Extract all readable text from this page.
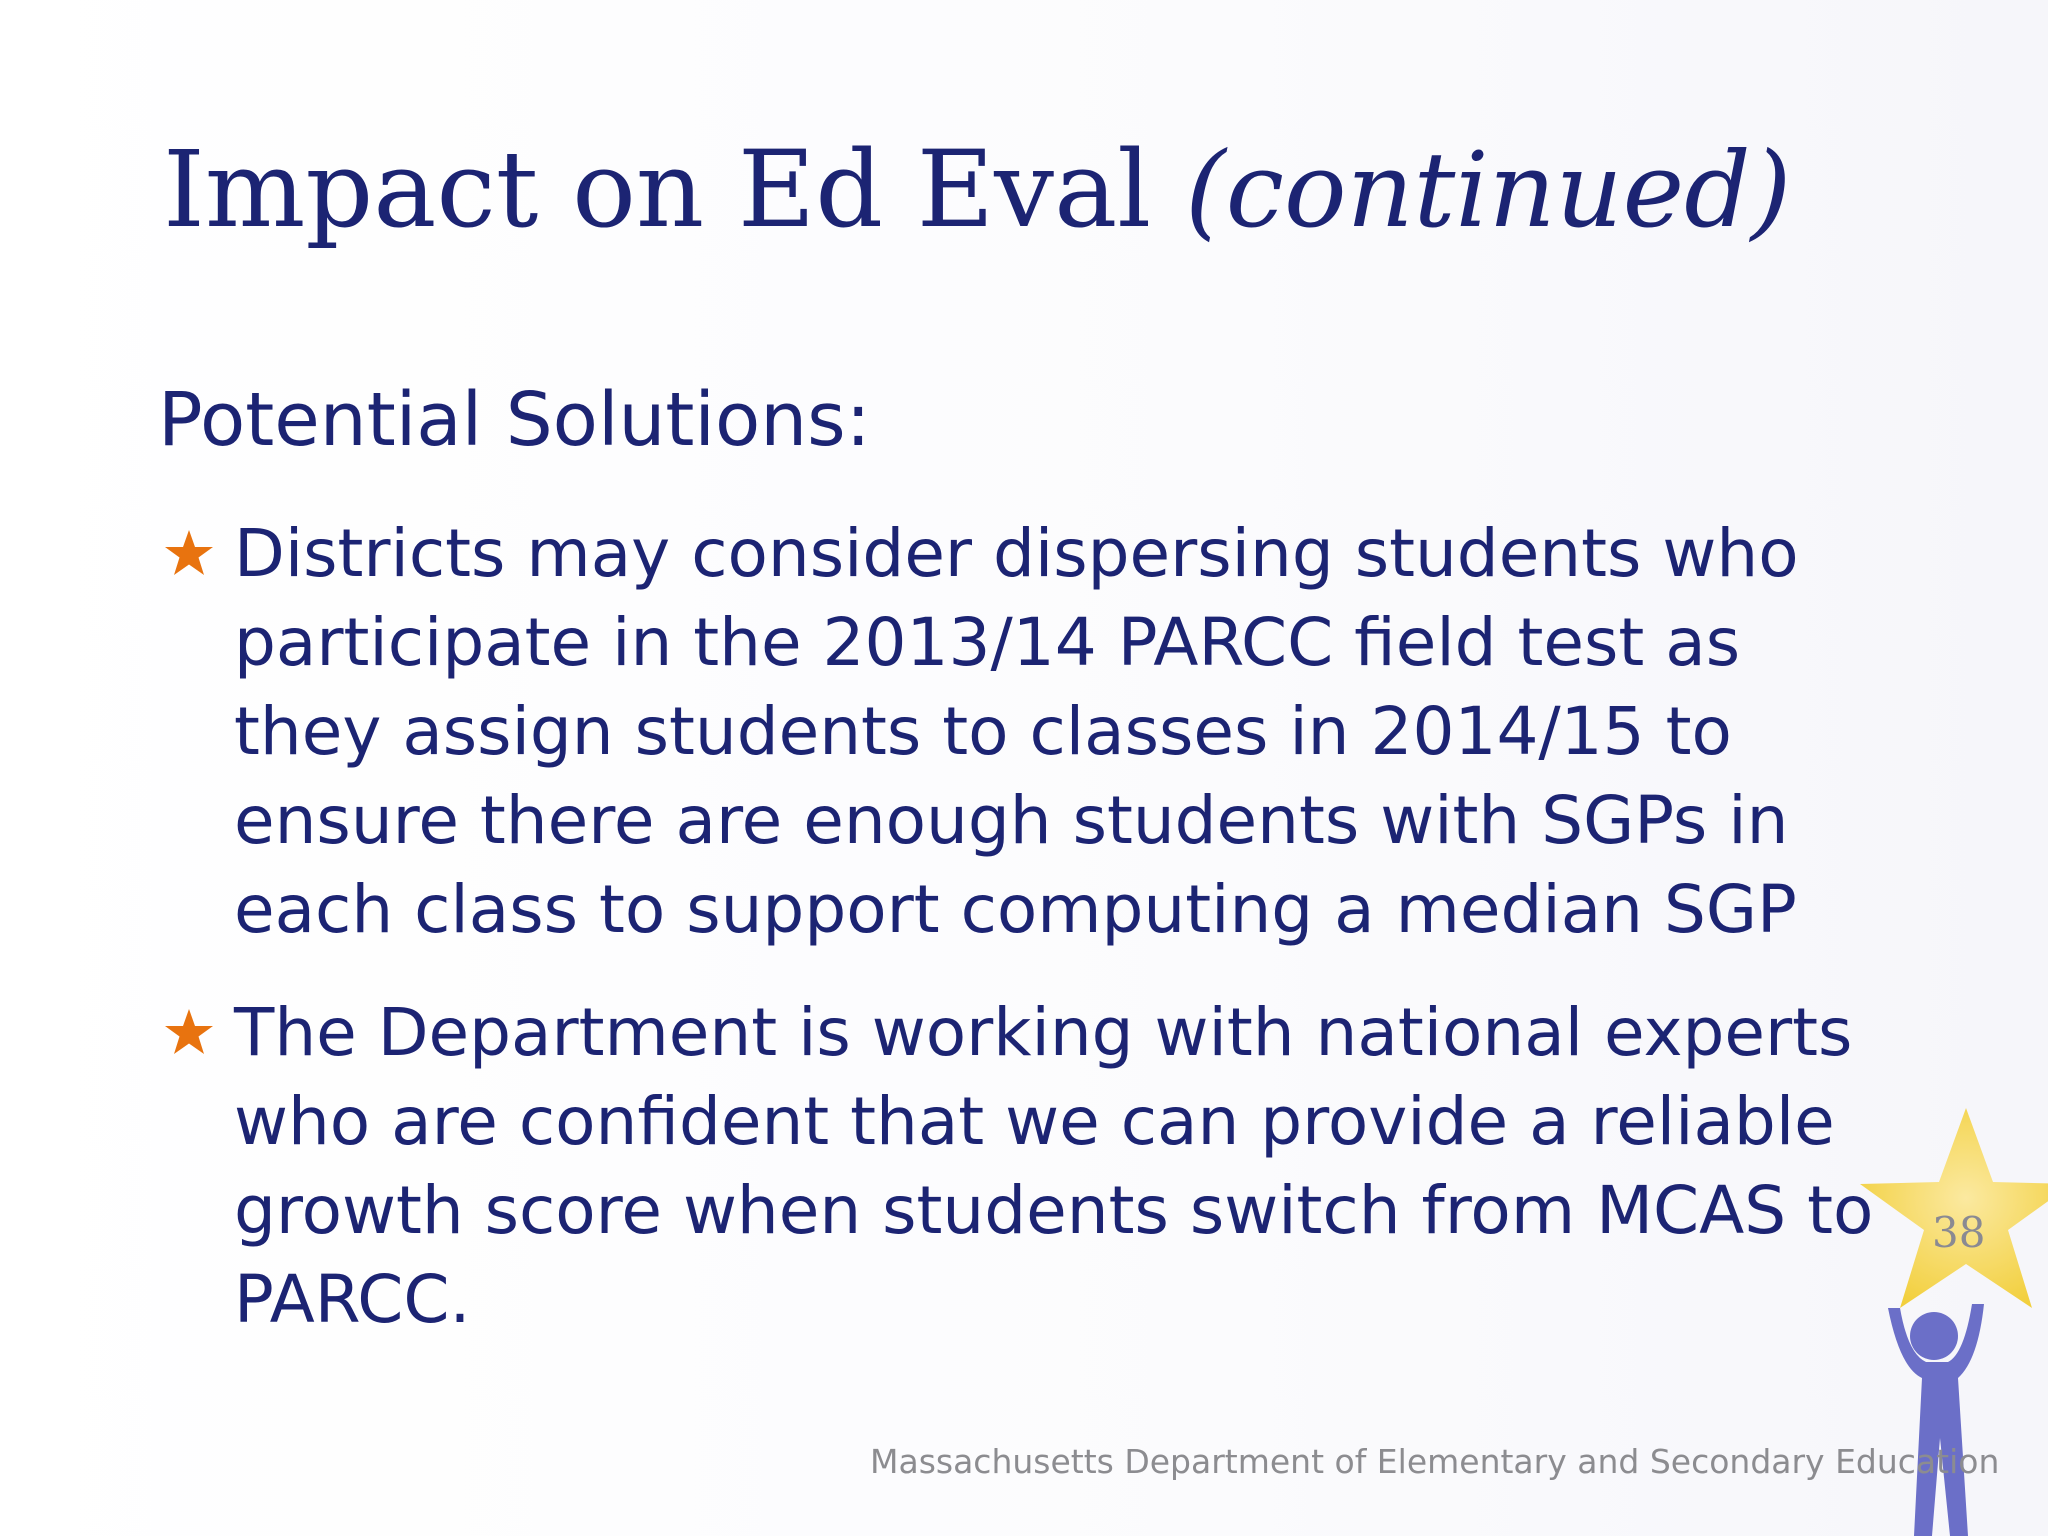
Impact on Ed Eval (continued)
Potential Solutions:

Districts may consider dispersing students who
participate in the 2013/14 PARCC field test as
they assign students to classes in 2014/15 to
ensure there are enough students with SGPs in
each class to support computing a median SGP

The Department is working with national experts
who are confident that we can provide a reliable
growth score when students switch from MCAS to
PARCC.

38

Massachusetts Department of Elementary and Secondary Education
